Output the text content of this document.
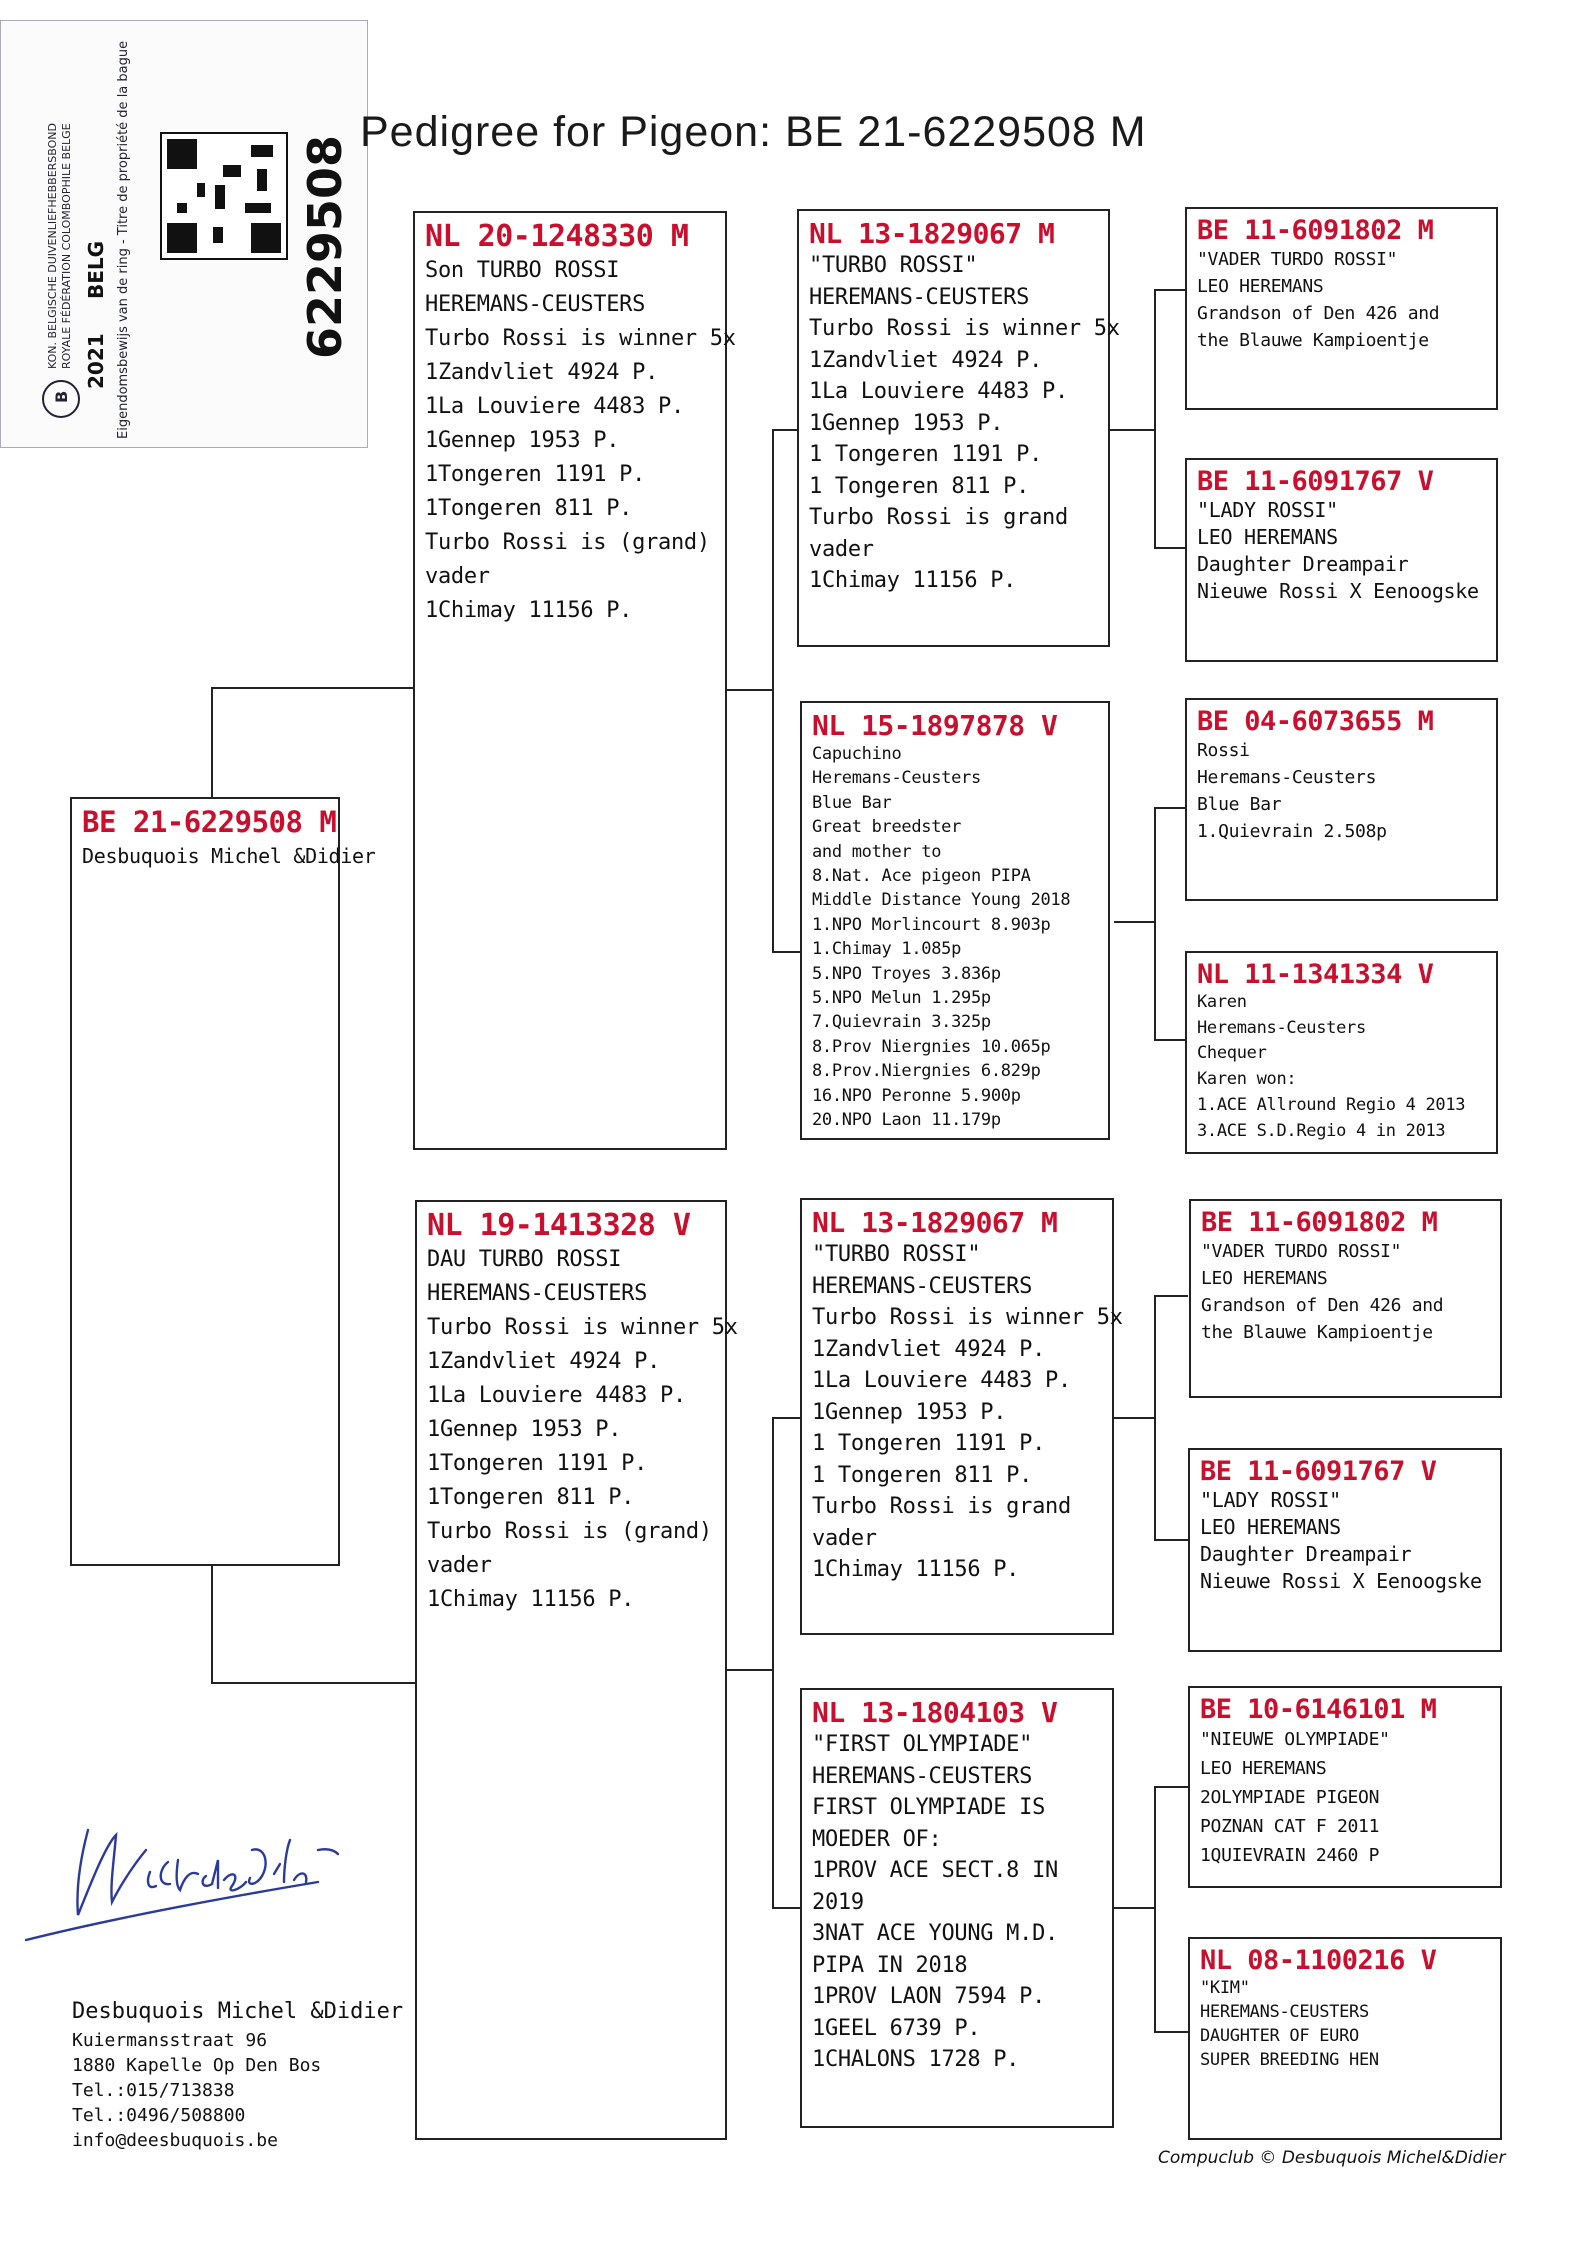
B
KON. BELGISCHE DUIVENLIEFHEBBERSBOND ROYALE FÉDÉRATION COLOMBOPHILE BELGE 2021
BELG Eigendomsbewijs van de ring - Titre de propriété de la bague	6229508
Pedigree for Pigeon: BE 21-6229508 M
BE 21-6229508 M
Desbuquois Michel &Didier
NL 20-1248330 M
Son TURBO ROSSI
HEREMANS-CEUSTERS
Turbo Rossi is winner 5x
1Zandvliet 4924 P.
1La Louviere 4483 P.
1Gennep 1953 P.
1Tongeren 1191 P.
1Tongeren 811 P.
Turbo Rossi is (grand)
vader
1Chimay 11156 P.
NL 19-1413328 V
DAU TURBO ROSSI
HEREMANS-CEUSTERS
Turbo Rossi is winner 5x
1Zandvliet 4924 P.
1La Louviere 4483 P.
1Gennep 1953 P.
1Tongeren 1191 P.
1Tongeren 811 P.
Turbo Rossi is (grand)
vader
1Chimay 11156 P.
NL 13-1829067 M
"TURBO ROSSI"
HEREMANS-CEUSTERS
Turbo Rossi is winner 5x
1Zandvliet 4924 P.
1La Louviere 4483 P.
1Gennep 1953 P.
1 Tongeren 1191 P.
1 Tongeren 811 P.
Turbo Rossi is grand
vader
1Chimay 11156 P.
NL 15-1897878 V
Capuchino
Heremans-Ceusters
Blue Bar
Great breedster
and mother to
8.Nat. Ace pigeon PIPA
Middle Distance Young 2018
1.NPO Morlincourt 8.903p
1.Chimay 1.085p
5.NPO Troyes 3.836p
5.NPO Melun 1.295p
7.Quievrain 3.325p
8.Prov Niergnies 10.065p
8.Prov.Niergnies 6.829p
16.NPO Peronne 5.900p
20.NPO Laon 11.179p
NL 13-1829067 M
"TURBO ROSSI"
HEREMANS-CEUSTERS
Turbo Rossi is winner 5x
1Zandvliet 4924 P.
1La Louviere 4483 P.
1Gennep 1953 P.
1 Tongeren 1191 P.
1 Tongeren 811 P.
Turbo Rossi is grand
vader
1Chimay 11156 P.
NL 13-1804103 V
"FIRST OLYMPIADE"
HEREMANS-CEUSTERS
FIRST OLYMPIADE IS
MOEDER OF:
1PROV ACE SECT.8 IN
2019
3NAT ACE YOUNG M.D.
PIPA IN 2018
1PROV LAON 7594 P.
1GEEL 6739 P.
1CHALONS 1728 P.
BE 11-6091802 M
"VADER TURDO ROSSI"
LEO HEREMANS
Grandson of Den 426 and
the Blauwe Kampioentje
BE 11-6091767 V
"LADY ROSSI"
LEO HEREMANS
Daughter Dreampair
Nieuwe Rossi X Eenoogske
BE 04-6073655 M
Rossi
Heremans-Ceusters
Blue Bar
1.Quievrain 2.508p
NL 11-1341334 V
Karen
Heremans-Ceusters
Chequer
Karen won:
1.ACE Allround Regio 4 2013
3.ACE S.D.Regio 4 in 2013
BE 11-6091802 M
"VADER TURDO ROSSI"
LEO HEREMANS
Grandson of Den 426 and
the Blauwe Kampioentje
BE 11-6091767 V
"LADY ROSSI"
LEO HEREMANS
Daughter Dreampair
Nieuwe Rossi X Eenoogske
BE 10-6146101 M
"NIEUWE OLYMPIADE"
LEO HEREMANS
2OLYMPIADE PIGEON
POZNAN CAT F 2011
1QUIEVRAIN 2460 P
NL 08-1100216 V
"KIM"
HEREMANS-CEUSTERS
DAUGHTER OF EURO
SUPER BREEDING HEN
Desbuquois Michel &Didier
Kuiermansstraat 96
1880 Kapelle Op Den Bos
Tel.:015/713838
Tel.:0496/508800
info@deesbuquois.be
Compuclub © Desbuquois Michel&Didier
